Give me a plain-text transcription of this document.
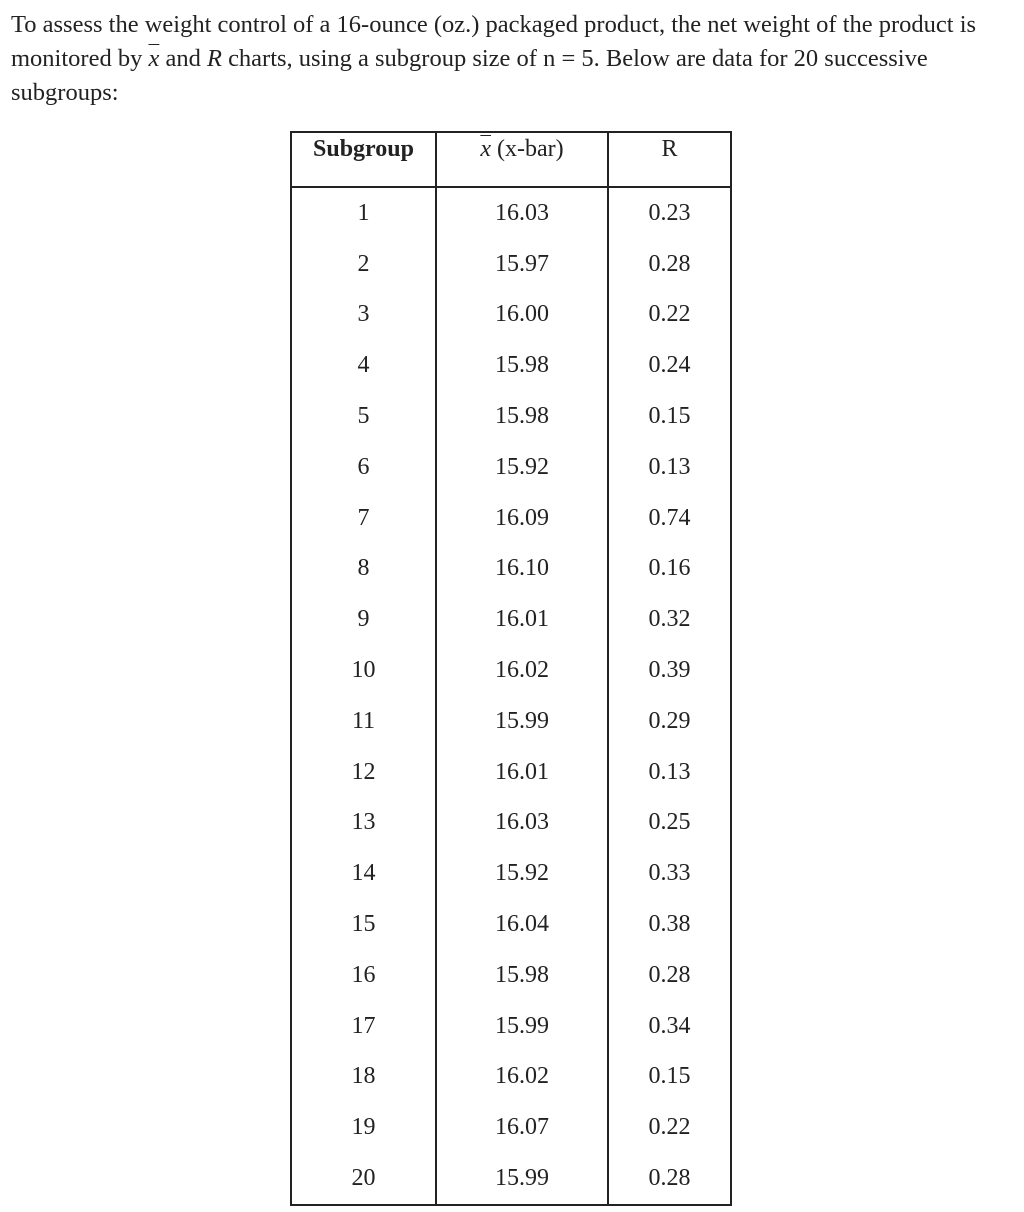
To assess the weight control of a 16-ounce (oz.) packaged product, the net weight of the product is monitored by $\overline{x}$ and R charts, using a subgroup size of n = 5. Below are data for 20 successive subgroups:

Subgroup	$\overline{x}$ (x-bar)	R
1	16.03	0.23
2	15.97	0.28
3	16.00	0.22
4	15.98	0.24
5	15.98	0.15
6	15.92	0.13
7	16.09	0.74
8	16.10	0.16
9	16.01	0.32
10	16.02	0.39
11	15.99	0.29
12	16.01	0.13
13	16.03	0.25
14	15.92	0.33
15	16.04	0.38
16	15.98	0.28
17	15.99	0.34
18	16.02	0.15
19	16.07	0.22
20	15.99	0.28
